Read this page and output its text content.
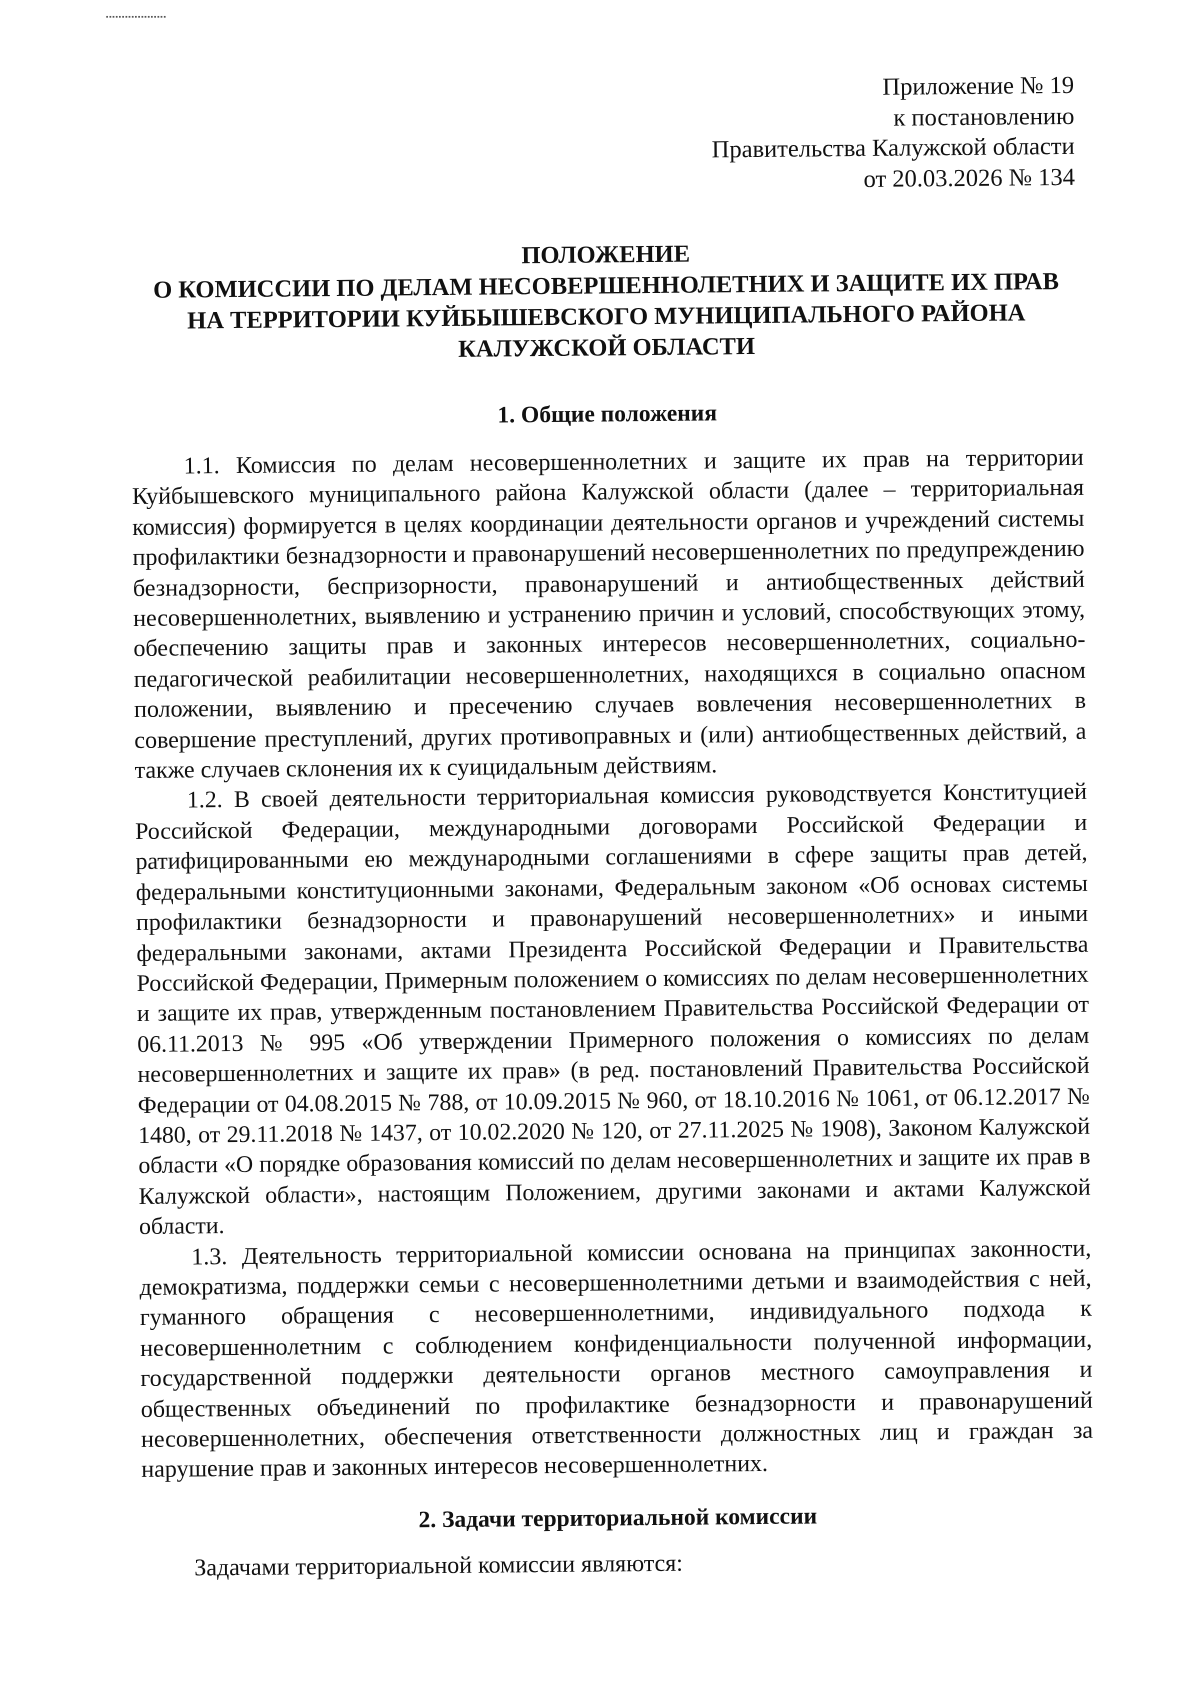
▪▪▪▪▪▪▪▪▪▪▪▪▪▪▪▪▪▪▪
Приложение № 19
к постановлению
Правительства Калужской области
от 20.03.2026 № 134
ПОЛОЖЕНИЕ
О КОМИССИИ ПО ДЕЛАМ НЕСОВЕРШЕННОЛЕТНИХ И ЗАЩИТЕ ИХ ПРАВ
НА ТЕРРИТОРИИ КУЙБЫШЕВСКОГО МУНИЦИПАЛЬНОГО РАЙОНА
КАЛУЖСКОЙ ОБЛАСТИ
1. Общие положения

1.1. Комиссия по делам несовершеннолетних и защите их прав на территории Куйбышевского муниципального района Калужской области (далее – территориальная комиссия) формируется в целях координации деятельности органов и учреждений системы профилактики безнадзорности и правонарушений несовершеннолетних по предупреждению безнадзорности, беспризорности, правонарушений и антиобщественных действий несовершеннолетних, выявлению и устранению причин и условий, способствующих этому, обеспечению защиты прав и законных интересов несовершеннолетних, социально-педагогической реабилитации несовершеннолетних, находящихся в социально опасном положении, выявлению и пресечению случаев вовлечения несовершеннолетних в совершение преступлений, других противоправных и (или) антиобщественных действий, а также случаев склонения их к суицидальным действиям.

1.2. В своей деятельности территориальная комиссия руководствуется Конституцией Российской Федерации, международными договорами Российской Федерации и ратифицированными ею международными соглашениями в сфере защиты прав детей, федеральными конституционными законами, Федеральным законом «Об основах системы профилактики безнадзорности и правонарушений несовершеннолетних» и иными федеральными законами, актами Президента Российской Федерации и Правительства Российской Федерации, Примерным положением о комиссиях по делам несовершеннолетних и защите их прав, утвержденным постановлением Правительства Российской Федерации от 06.11.2013 № 995 «Об утверждении Примерного положения о комиссиях по делам несовершеннолетних и защите их прав» (в ред. постановлений Правительства Российской Федерации от 04.08.2015 № 788, от 10.09.2015 № 960, от 18.10.2016 № 1061, от 06.12.2017 № 1480, от 29.11.2018 № 1437, от 10.02.2020 № 120, от 27.11.2025 № 1908), Законом Калужской области «О порядке образования комиссий по делам несовершеннолетних и защите их прав в Калужской области», настоящим Положением, другими законами и актами Калужской области.

1.3. Деятельность территориальной комиссии основана на принципах законности, демократизма, поддержки семьи с несовершеннолетними детьми и взаимодействия с ней, гуманного обращения с несовершеннолетними, индивидуального подхода к несовершеннолетним с соблюдением конфиденциальности полученной информации, государственной поддержки деятельности органов местного самоуправления и общественных объединений по профилактике безнадзорности и правонарушений несовершеннолетних, обеспечения ответственности должностных лиц и граждан за нарушение прав и законных интересов несовершеннолетних.

2. Задачи территориальной комиссии

Задачами территориальной комиссии являются:
